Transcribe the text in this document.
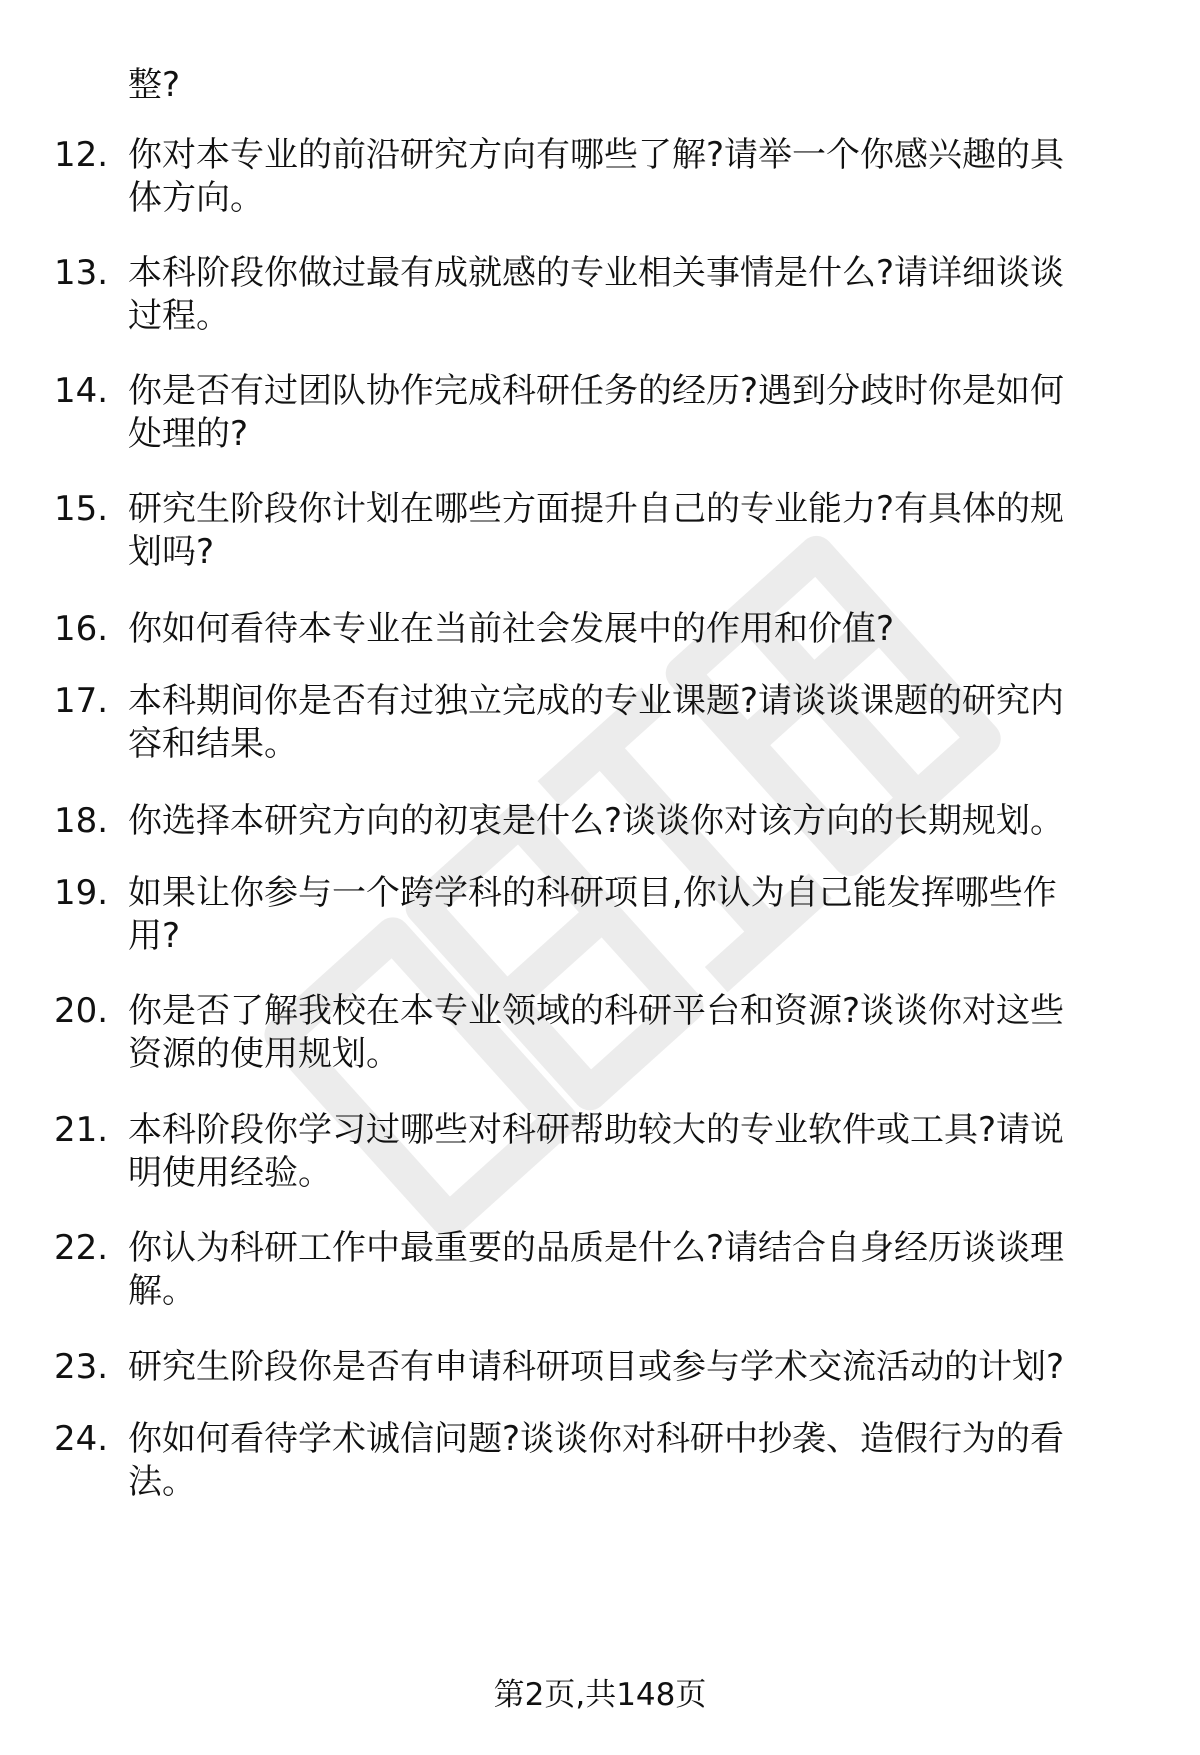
整?
12. 你对本专业的前沿研究方向有哪些了解?请举一个你感兴趣的具
体方向。
13. 本科阶段你做过最有成就感的专业相关事情是什么?请详细谈谈
过程。
14. 你是否有过团队协作完成科研任务的经历?遇到分歧时你是如何
处理的?
15. 研究生阶段你计划在哪些方面提升自己的专业能力?有具体的规
划吗?
16. 你如何看待本专业在当前社会发展中的作用和价值?
17. 本科期间你是否有过独立完成的专业课题?请谈谈课题的研究内
容和结果。
18. 你选择本研究方向的初衷是什么?谈谈你对该方向的长期规划。
19. 如果让你参与一个跨学科的科研项目,你认为自己能发挥哪些作
用?
20. 你是否了解我校在本专业领域的科研平台和资源?谈谈你对这些
资源的使用规划。
21. 本科阶段你学习过哪些对科研帮助较大的专业软件或工具?请说
明使用经验。
22. 你认为科研工作中最重要的品质是什么?请结合自身经历谈谈理
解。
23. 研究生阶段你是否有申请科研项目或参与学术交流活动的计划?
24. 你如何看待学术诚信问题?谈谈你对科研中抄袭、造假行为的看
法。
第2页,共148页
